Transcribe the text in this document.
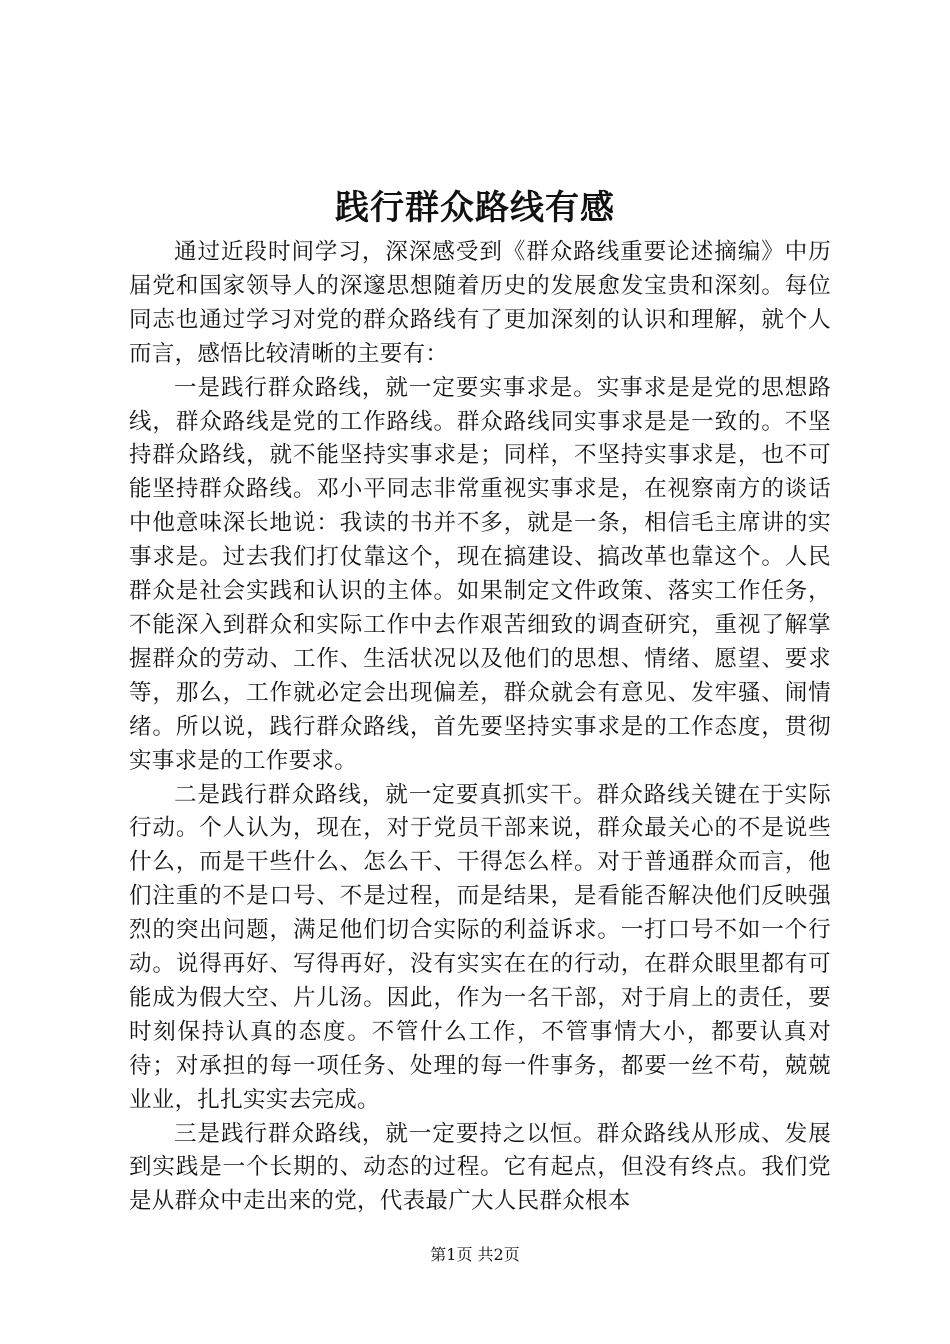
践行群众路线有感

通过近段时间学习，深深感受到《群众路线重要论述摘编》中历届党和国家领导人的深邃思想随着历史的发展愈发宝贵和深刻。每位同志也通过学习对党的群众路线有了更加深刻的认识和理解，就个人而言，感悟比较清晰的主要有：

一是践行群众路线，就一定要实事求是。实事求是是党的思想路线，群众路线是党的工作路线。群众路线同实事求是是一致的。不坚持群众路线，就不能坚持实事求是；同样，不坚持实事求是，也不可能坚持群众路线。邓小平同志非常重视实事求是，在视察南方的谈话中他意味深长地说：我读的书并不多，就是一条，相信毛主席讲的实事求是。过去我们打仗靠这个，现在搞建设、搞改革也靠这个。人民群众是社会实践和认识的主体。如果制定文件政策、落实工作任务，不能深入到群众和实际工作中去作艰苦细致的调查研究，重视了解掌握群众的劳动、工作、生活状况以及他们的思想、情绪、愿望、要求等，那么，工作就必定会出现偏差，群众就会有意见、发牢骚、闹情绪。所以说，践行群众路线，首先要坚持实事求是的工作态度，贯彻实事求是的工作要求。

二是践行群众路线，就一定要真抓实干。群众路线关键在于实际行动。个人认为，现在，对于党员干部来说，群众最关心的不是说些什么，而是干些什么、怎么干、干得怎么样。对于普通群众而言，他们注重的不是口号、不是过程，而是结果，是看能否解决他们反映强烈的突出问题，满足他们切合实际的利益诉求。一打口号不如一个行动。说得再好、写得再好，没有实实在在的行动，在群众眼里都有可能成为假大空、片儿汤。因此，作为一名干部，对于肩上的责任，要时刻保持认真的态度。不管什么工作，不管事情大小，都要认真对待；对承担的每一项任务、处理的每一件事务，都要一丝不苟，兢兢业业，扎扎实实去完成。

三是践行群众路线，就一定要持之以恒。群众路线从形成、发展到实践是一个长期的、动态的过程。它有起点，但没有终点。我们党是从群众中走出来的党，代表最广大人民群众根本

第1页 共2页
